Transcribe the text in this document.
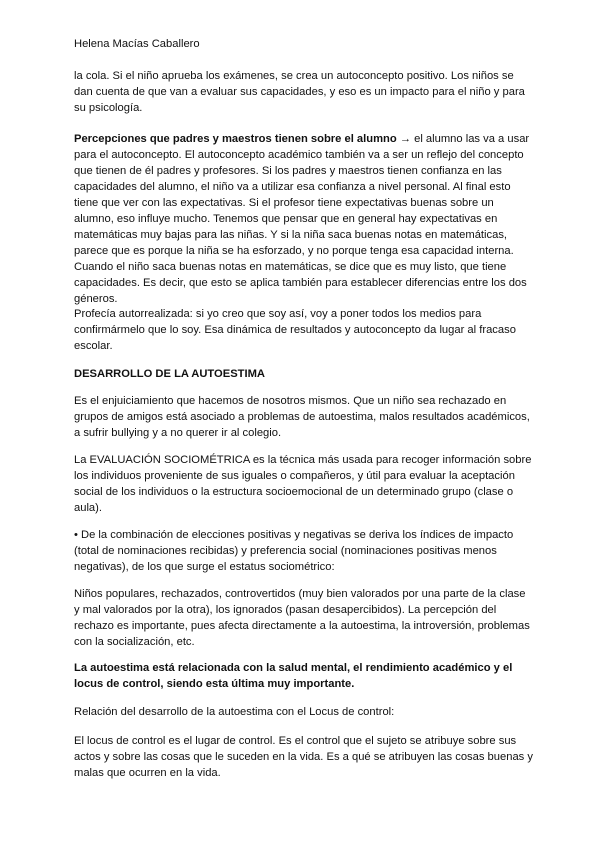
Helena Macías Caballero
la cola. Si el niño aprueba los exámenes, se crea un autoconcepto positivo. Los niños se
dan cuenta de que van a evaluar sus capacidades, y eso es un impacto para el niño y para
su psicología.
Percepciones que padres y maestros tienen sobre el alumno → el alumno las va a usar
para el autoconcepto. El autoconcepto académico también va a ser un reflejo del concepto
que tienen de él padres y profesores. Si los padres y maestros tienen confianza en las
capacidades del alumno, el niño va a utilizar esa confianza a nivel personal. Al final esto
tiene que ver con las expectativas. Si el profesor tiene expectativas buenas sobre un
alumno, eso influye mucho. Tenemos que pensar que en general hay expectativas en
matemáticas muy bajas para las niñas. Y si la niña saca buenas notas en matemáticas,
parece que es porque la niña se ha esforzado, y no porque tenga esa capacidad interna.
Cuando el niño saca buenas notas en matemáticas, se dice que es muy listo, que tiene
capacidades. Es decir, que esto se aplica también para establecer diferencias entre los dos
géneros.
Profecía autorrealizada: si yo creo que soy así, voy a poner todos los medios para
confirmármelo que lo soy. Esa dinámica de resultados y autoconcepto da lugar al fracaso
escolar.
DESARROLLO DE LA AUTOESTIMA
Es el enjuiciamiento que hacemos de nosotros mismos. Que un niño sea rechazado en
grupos de amigos está asociado a problemas de autoestima, malos resultados académicos,
a sufrir bullying y a no querer ir al colegio.
La EVALUACIÓN SOCIOMÉTRICA es la técnica más usada para recoger información sobre
los individuos proveniente de sus iguales o compañeros, y útil para evaluar la aceptación
social de los individuos o la estructura socioemocional de un determinado grupo (clase o
aula).
• De la combinación de elecciones positivas y negativas se deriva los índices de impacto
(total de nominaciones recibidas) y preferencia social (nominaciones positivas menos
negativas), de los que surge el estatus sociométrico:
Niños populares, rechazados, controvertidos (muy bien valorados por una parte de la clase
y mal valorados por la otra), los ignorados (pasan desapercibidos). La percepción del
rechazo es importante, pues afecta directamente a la autoestima, la introversión, problemas
con la socialización, etc.
La autoestima está relacionada con la salud mental, el rendimiento académico y el
locus de control, siendo esta última muy importante.
Relación del desarrollo de la autoestima con el Locus de control:
El locus de control es el lugar de control. Es el control que el sujeto se atribuye sobre sus
actos y sobre las cosas que le suceden en la vida. Es a qué se atribuyen las cosas buenas y
malas que ocurren en la vida.
